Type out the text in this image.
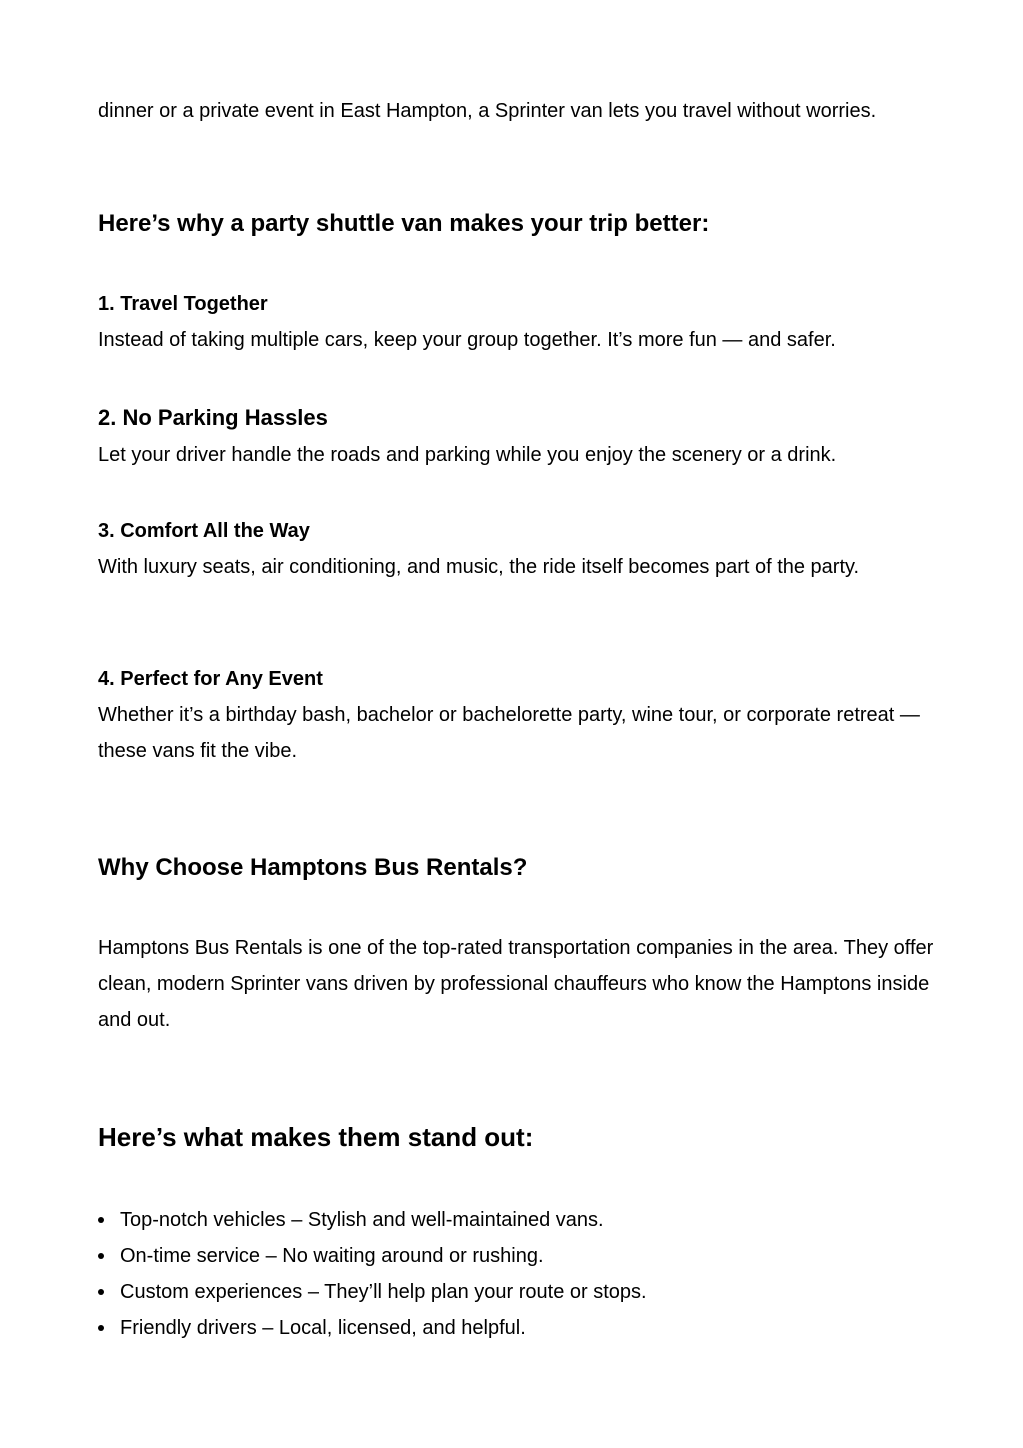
dinner or a private event in East Hampton, a Sprinter van lets you travel without worries.

Here’s why a party shuttle van makes your trip better:
1. Travel Together

Instead of taking multiple cars, keep your group together. It’s more fun — and safer.

2. No Parking Hassles

Let your driver handle the roads and parking while you enjoy the scenery or a drink.

3. Comfort All the Way

With luxury seats, air conditioning, and music, the ride itself becomes part of the party.

4. Perfect for Any Event

Whether it’s a birthday bash, bachelor or bachelorette party, wine tour, or corporate retreat — these vans fit the vibe.

Why Choose Hamptons Bus Rentals?

Hamptons Bus Rentals is one of the top-rated transportation companies in the area. They offer clean, modern Sprinter vans driven by professional chauffeurs who know the Hamptons inside and out.

Here’s what makes them stand out:
Top-notch vehicles – Stylish and well-maintained vans.
On-time service – No waiting around or rushing.
Custom experiences – They’ll help plan your route or stops.
Friendly drivers – Local, licensed, and helpful.
